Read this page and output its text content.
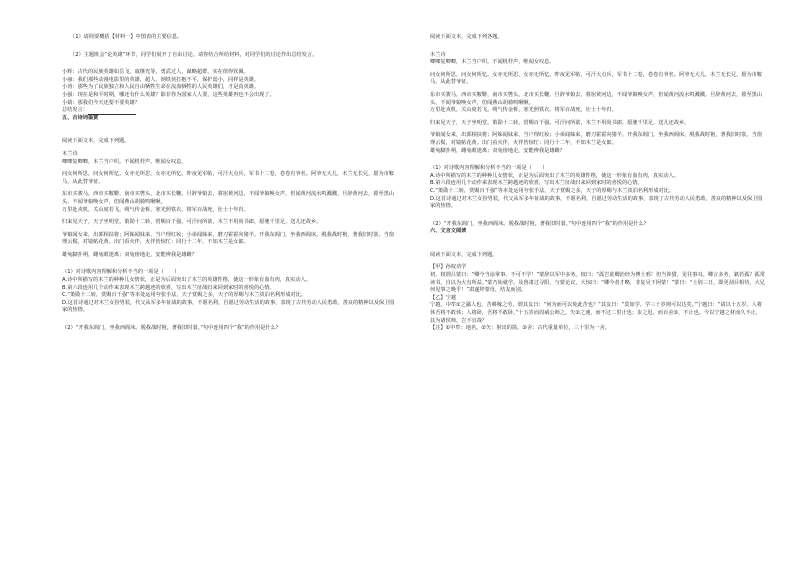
（1）请简要概括【材料一】中图表的主要信息。

（2）主题班会“论英雄”环节，同学们展开了自由讨论。请你结合所给材料，对同学们的讨论作出总结发言。

小辉：古代的民族英雄如岳飞、戚继光等，勇武过人，谋略超群，实在值得钦佩。

小丽：我们那些动漫电影里的英雄，超人、钢铁侠打抱不平，保护弱小，同样是英雄。

小涛：那些为了民族独立和人民自由牺牲生命在流血牺牲的人民英雄们，才是真英雄。

小强：现在是和平时期，哪还有什么英雄？除非你为国家人人要，这些英雄再也不会出现了。

小婧：那我们今天还要不要英雄？

总结发言：

五、古诗词鉴赏

阅读下面文本，完成下列题。

木兰诗

唧唧复唧唧，木兰当户织。不闻机杼声，唯闻女叹息。

问女何所思，问女何所忆。女亦无所思，女亦无所忆。昨夜见军帖，可汗大点兵，军书十二卷，卷卷有爷名。阿爷无大儿，木兰无长兄，愿为市鞍马，从此替爷征。

东市买骏马，西市买鞍鞯，南市买辔头，北市买长鞭。旦辞爷娘去，暮宿黄河边，不闻爷娘唤女声，但闻黄河流水鸣溅溅。旦辞黄河去，暮至黑山头，不闻爷娘唤女声，但闻燕山胡骑鸣啾啾。

万里赴戎机，关山度若飞。朔气传金柝，寒光照铁衣。将军百战死，壮士十年归。

归来见天子，天子坐明堂。策勋十二转，赏赐百千强。可汗问所欲，木兰不用尚书郎，愿驰千里足，送儿还故乡。

爷娘闻女来，出郭相扶将；阿姊闻妹来，当户理红妆；小弟闻姊来，磨刀霍霍向猪羊。开我东阁门，坐我西阁床，脱我战时袍，著我旧时裳。当窗理云鬓，对镜帖花黄。出门看火伴，火伴皆惊忙：同行十二年，不知木兰是女郎。

雄兔脚扑朔，雌兔眼迷离；双兔傍地走，安能辨我是雄雌？

（1）对诗歌内容理解和分析不当的一项是（　　）

A.诗中所描写的木兰的种种儿女情状，正是为后面突出了木兰的英雄性格，使这一形象有血有肉，真实动人。

B.第六段连用几个动作来表现木兰跨越迹的欣喜，写出木兰征战归来回到家时的喜悦的心情。

C.“策勋十二转，赏赐百千强”等本处运用夸张手法，天子赏赐之多，天子的厚赐与木兰淡泊名利形成对比。

D.这首诗通过对木兰女扮男装，代父从军多年征战的故事，不愿名利，自愿过劳动生活的故事，表现了古代劳动人民勇敢，善良的精神以及保卫国家的热情。

（2）“开我东阁门，坐我西阁床。脱我战时袍，著我旧时裳。”句中连用四个“我”的作用是什么？

阅读下面文本，完成下列各题。

木兰诗

唧唧复唧唧，木兰当户织。不闻机杼声，唯闻女叹息。

问女何所思，问女何所忆。女亦无所思，女亦无所忆。昨夜见军帖，可汗大点兵，军书十二卷，卷卷有爷名。阿爷无大儿，木兰无长兄，愿为市鞍马，从此替爷征。

东市买骏马，西市买鞍鞯，南市买辔头，北市买长鞭。旦辞爷娘去，暮宿黄河边，不闻爷娘唤女声，但闻黄河流水鸣溅溅。旦辞黄河去，暮至黑山头，不闻爷娘唤女声，但闻燕山胡骑鸣啾啾。

万里赴戎机，关山度若飞。朔气传金柝，寒光照铁衣。将军百战死，壮士十年归。

归来见天子，天子坐明堂。策勋十二转，赏赐百千强。可汗问所欲，木兰不用尚书郎，愿驰千里足，送儿还故乡。

爷娘闻女来，出郭相扶将；阿姊闻妹来，当户理红妆；小弟闻姊来，磨刀霍霍向猪羊。开我东阁门，坐我西阁床，脱我战时袍，著我旧时裳。当窗理云鬓，对镜帖花黄。出门看火伴，火伴皆惊忙：同行十二年，不知木兰是女郎。

雄兔脚扑朔，雌兔眼迷离；双兔傍地走，安能辨我是雄雌？

（1）对诗歌内容理解和分析不当的一项是（　　）

A.诗中所描写的木兰的种种儿女情状，正是为后面突出了木兰的英雄性格，使这一形象有血有肉，真实动人。

B.第六段连用几个动作来表现木兰跨越迹的欣喜，写出木兰征战归来回到家时的喜悦的心情。

C.“策勋十二转，赏赐百千强”等本处运用夸张手法，天子赏赐之多，天子的厚赐与木兰淡泊名利形成对比。

D.这首诗通过对木兰女扮男装，代父从军多年征战的故事，不愿名利，自愿过劳动生活的故事，表现了古代劳动人民勇敢，善良的精神以及保卫国家的热情。

（2）“开我东阁门，坐我西阁床。脱我战时袍，著我旧时裳。”句中连用四个“我”的作用是什么？

六、文言文阅读

阅读下面文本，完成下列题。

【甲】孙权劝学

初，权谓吕蒙曰：“卿今当涂掌事，不可不学！”蒙辞以军中多务。权曰：“孤岂欲卿治经为博士邪！但当涉猎，见往事耳。卿言多务，孰若孤？孤常读书，自以为大有所益。”蒙乃始就学。及鲁肃过寻阳，与蒙论议，大惊曰：“卿今者才略，非复吴下阿蒙！”蒙曰：“士别三日，即更刮目相待，大兄何见事之晚乎！”肃遂拜蒙母，结友而别。

【乙】宁越

宁越，中牟①之鄙人也。苦耕稼之劳，谓其友曰：“何为而可以免此苦也？”其友曰：“莫如学。学三十岁则可以达矣。”宁越曰：“请以十五岁。人将休吾将不敢休；人将卧，吾将不敢卧。”十五岁而周威公师之。矢②之速，而不过二里止也；步之迟，而百舍③，不止也。今以宁越之材而久不止，其为诸侯师，岂不宜哉？

【注】①中牟：地名。②矢：射出的箭。③舍：古代重量单位，三十里为一舍。
